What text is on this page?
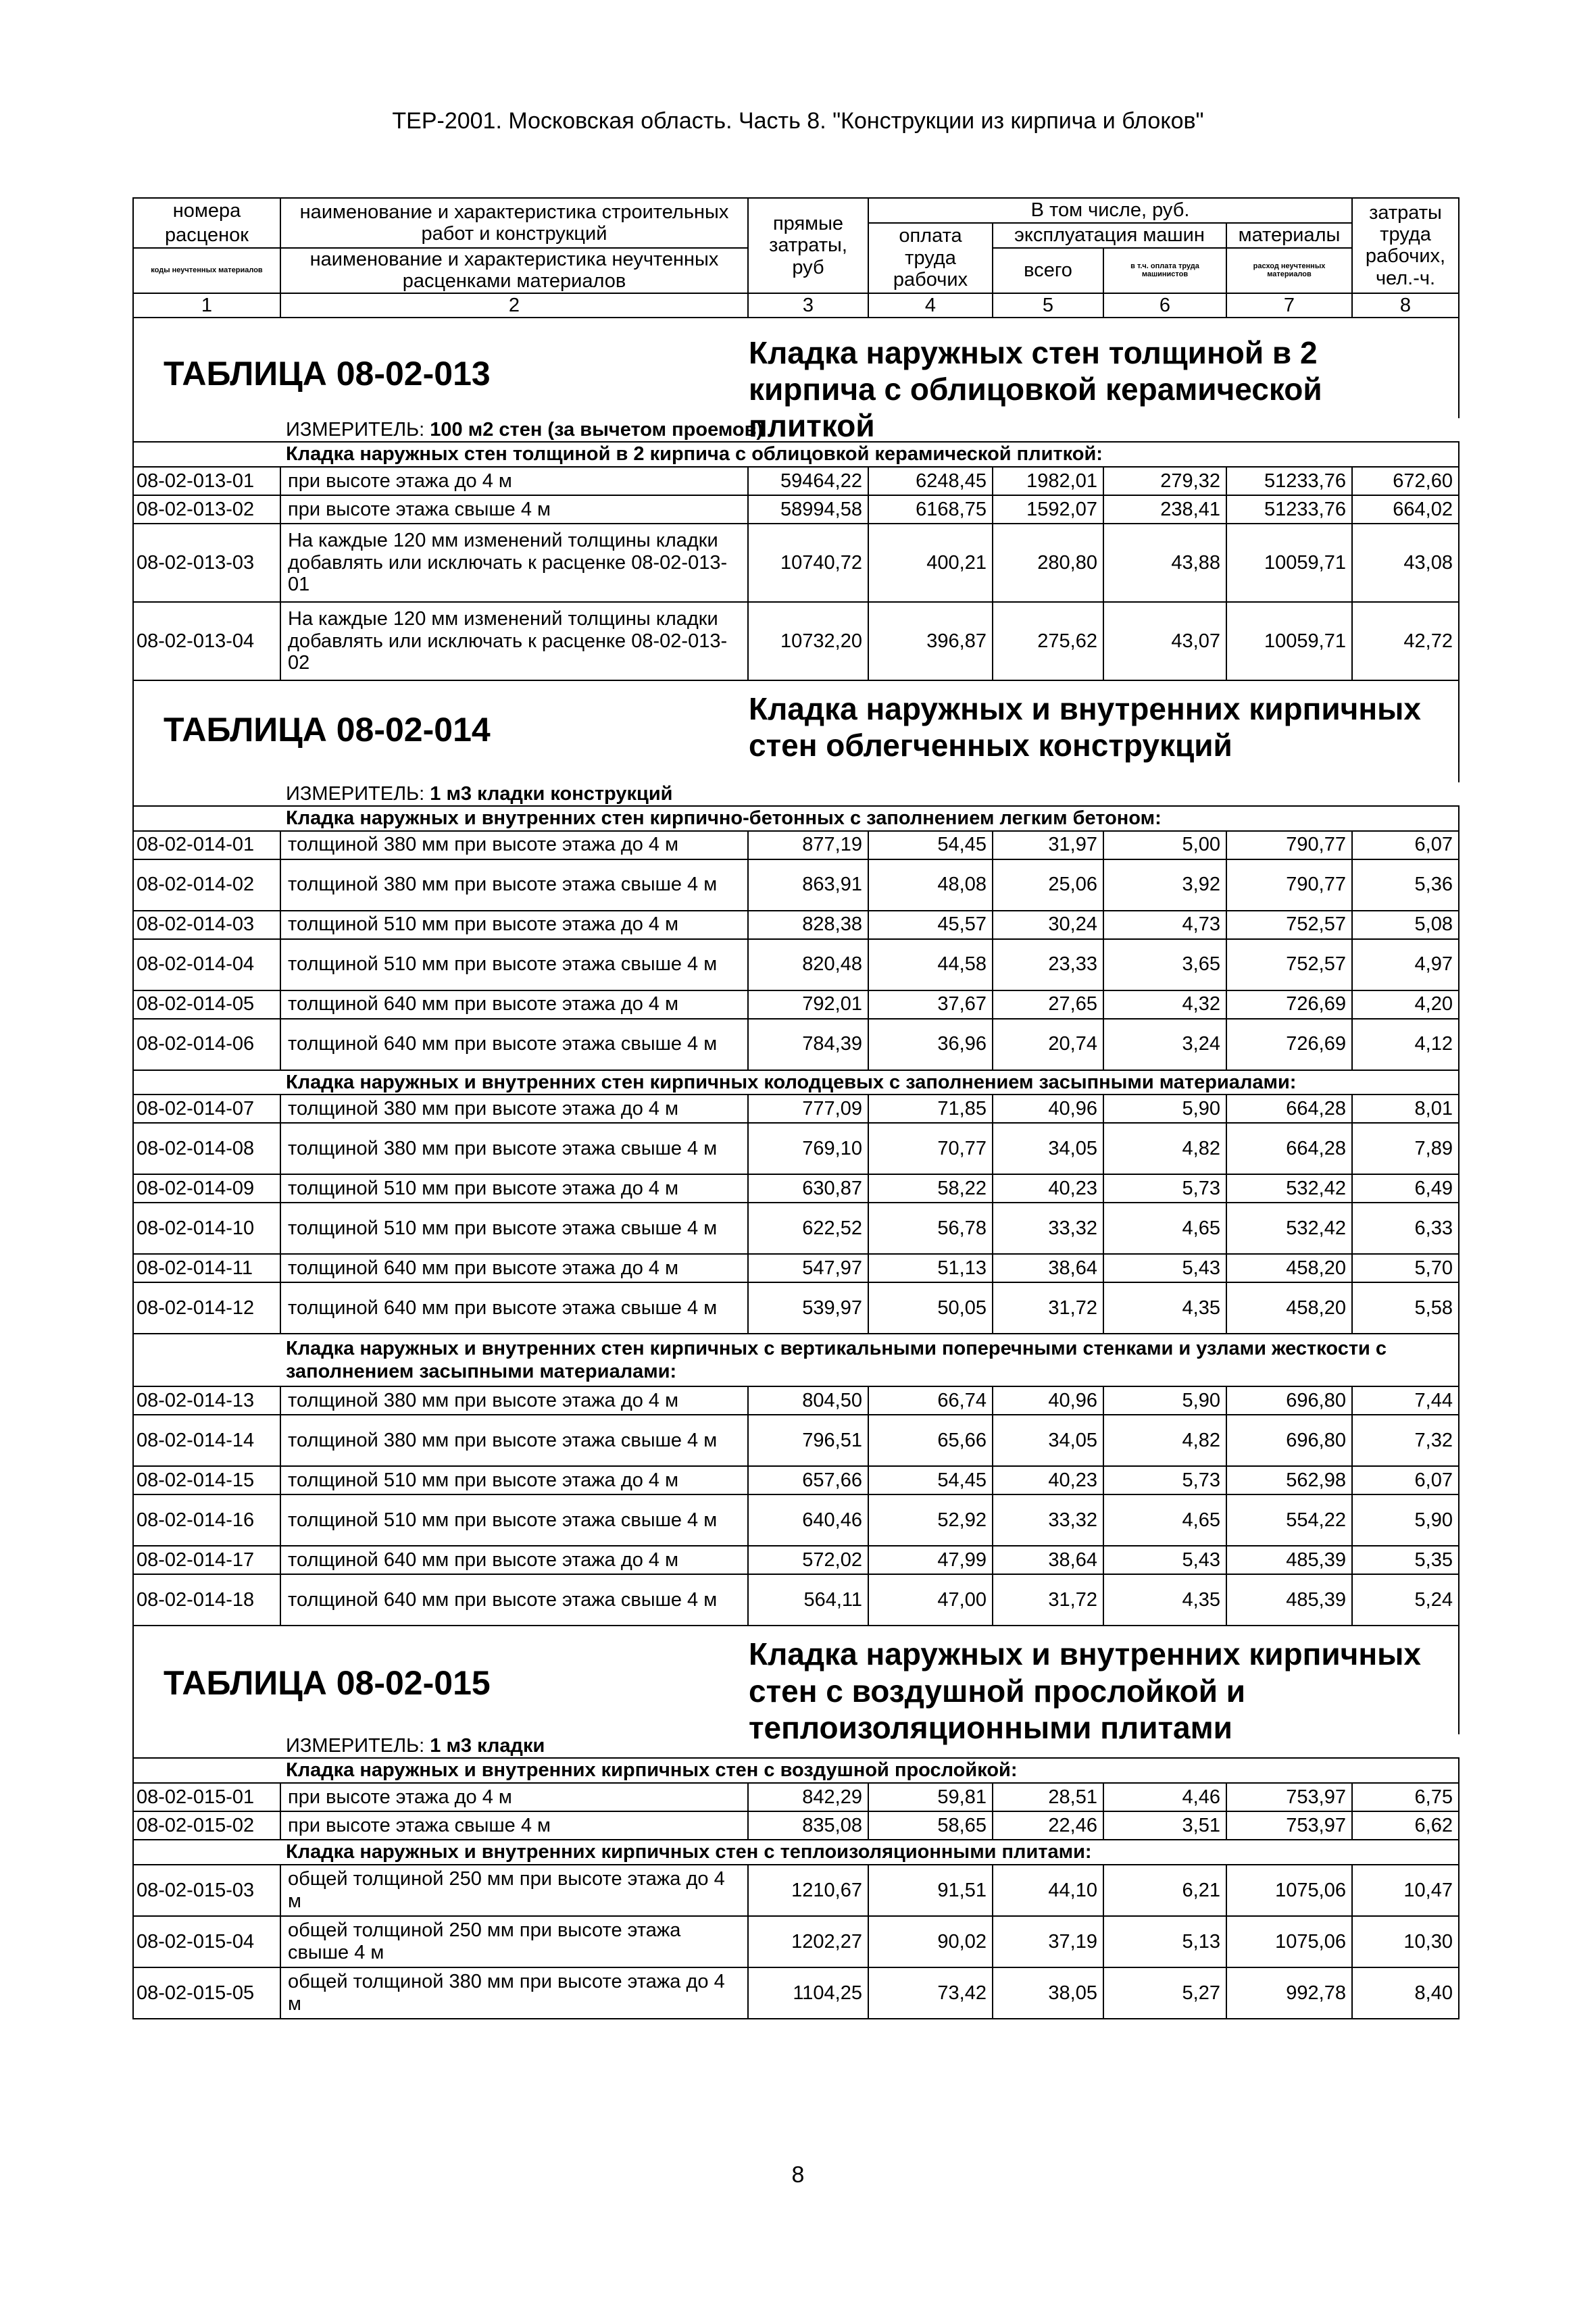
ТЕР-2001. Московская область. Часть 8. "Конструкции из кирпича и блоков"
номера	наименование и характеристика строительных работ и конструкций	прямые затраты, руб	В том числе, руб.				затраты труда рабочих, чел.-ч.
расценок			оплата труда рабочих	эксплуатация машин		материалы	
коды неучтенных материалов	наименование и характеристика неучтенных расценками материалов			всего	в т.ч. оплата труда машинистов	расход неучтенных материалов	
1	2	3	4	5	6	7	8

ТАБЛИЦА 08-02-013
Кладка наружных стен толщиной в 2 кирпича с облицовкой керамической плиткой							

	ИЗМЕРИТЕЛЬ: 100 м2 стен (за вычетом проемов)						
	Кладка наружных стен толщиной в 2 кирпича с облицовкой керамической плиткой:						
08-02-013-01	при высоте этажа до 4 м	59464,22	6248,45	1982,01	279,32	51233,76	672,60
08-02-013-02	при высоте этажа свыше 4 м	58994,58	6168,75	1592,07	238,41	51233,76	664,02
08-02-013-03	На каждые 120 мм изменений толщины кладки добавлять или исключать к расценке 08-02-013-01	10740,72	400,21	280,80	43,88	10059,71	43,08
08-02-013-04	На каждые 120 мм изменений толщины кладки добавлять или исключать к расценке 08-02-013-02	10732,20	396,87	275,62	43,07	10059,71	42,72

ТАБЛИЦА 08-02-014
Кладка наружных и внутренних кирпичных стен облегченных конструкций							

	ИЗМЕРИТЕЛЬ: 1 м3 кладки конструкций						
	Кладка наружных и внутренних стен кирпично-бетонных с заполнением легким бетоном:						
08-02-014-01	толщиной 380 мм при высоте этажа до 4 м	877,19	54,45	31,97	5,00	790,77	6,07
08-02-014-02	толщиной 380 мм при высоте этажа свыше 4 м	863,91	48,08	25,06	3,92	790,77	5,36
08-02-014-03	толщиной 510 мм при высоте этажа до 4 м	828,38	45,57	30,24	4,73	752,57	5,08
08-02-014-04	толщиной 510 мм при высоте этажа свыше 4 м	820,48	44,58	23,33	3,65	752,57	4,97
08-02-014-05	толщиной 640 мм при высоте этажа до 4 м	792,01	37,67	27,65	4,32	726,69	4,20
08-02-014-06	толщиной 640 мм при высоте этажа свыше 4 м	784,39	36,96	20,74	3,24	726,69	4,12
	Кладка наружных и внутренних стен кирпичных колодцевых с заполнением засыпными материалами:						
08-02-014-07	толщиной 380 мм при высоте этажа до 4 м	777,09	71,85	40,96	5,90	664,28	8,01
08-02-014-08	толщиной 380 мм при высоте этажа свыше 4 м	769,10	70,77	34,05	4,82	664,28	7,89
08-02-014-09	толщиной 510 мм при высоте этажа до 4 м	630,87	58,22	40,23	5,73	532,42	6,49
08-02-014-10	толщиной 510 мм при высоте этажа свыше 4 м	622,52	56,78	33,32	4,65	532,42	6,33
08-02-014-11	толщиной 640 мм при высоте этажа до 4 м	547,97	51,13	38,64	5,43	458,20	5,70
08-02-014-12	толщиной 640 мм при высоте этажа свыше 4 м	539,97	50,05	31,72	4,35	458,20	5,58
	Кладка наружных и внутренних стен кирпичных с вертикальными поперечными стенками и узлами жесткости с заполнением засыпными материалами:						
08-02-014-13	толщиной 380 мм при высоте этажа до 4 м	804,50	66,74	40,96	5,90	696,80	7,44
08-02-014-14	толщиной 380 мм при высоте этажа свыше 4 м	796,51	65,66	34,05	4,82	696,80	7,32
08-02-014-15	толщиной 510 мм при высоте этажа до 4 м	657,66	54,45	40,23	5,73	562,98	6,07
08-02-014-16	толщиной 510 мм при высоте этажа свыше 4 м	640,46	52,92	33,32	4,65	554,22	5,90
08-02-014-17	толщиной 640 мм при высоте этажа до 4 м	572,02	47,99	38,64	5,43	485,39	5,35
08-02-014-18	толщиной 640 мм при высоте этажа свыше 4 м	564,11	47,00	31,72	4,35	485,39	5,24

ТАБЛИЦА 08-02-015
Кладка наружных и внутренних кирпичных стен с воздушной прослойкой и теплоизоляционными плитами							

	ИЗМЕРИТЕЛЬ: 1 м3 кладки						
	Кладка наружных и внутренних кирпичных стен с воздушной прослойкой:						
08-02-015-01	при высоте этажа до 4 м	842,29	59,81	28,51	4,46	753,97	6,75
08-02-015-02	при высоте этажа свыше 4 м	835,08	58,65	22,46	3,51	753,97	6,62
	Кладка наружных и внутренних кирпичных стен с теплоизоляционными плитами:						
08-02-015-03	общей толщиной 250 мм при высоте этажа до 4 м	1210,67	91,51	44,10	6,21	1075,06	10,47
08-02-015-04	общей толщиной 250 мм при высоте этажа свыше 4 м	1202,27	90,02	37,19	5,13	1075,06	10,30
08-02-015-05	общей толщиной 380 мм при высоте этажа до 4 м	1104,25	73,42	38,05	5,27	992,78	8,40
8
